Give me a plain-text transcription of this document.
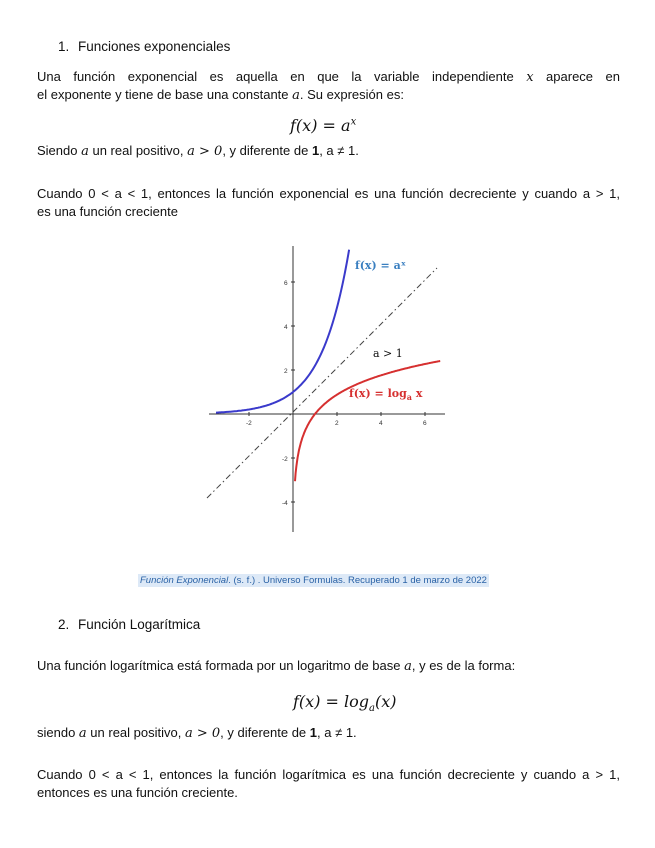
1. Funciones exponenciales
Una función exponencial es aquella en que la variable independiente x aparece en
el exponente y tiene de base una constante a. Su expresión es:
$f(x) = a^x$
Siendo a un real positivo, a > 0, y diferente de 1, a ≠ 1.
Cuando 0 < a < 1, entonces la función exponencial es una función decreciente y cuando a > 1,
es una función creciente
-2	2	4	6
6
4
2
-2
-4
f(x) = aˣ
a > 1
$f(x) = \log_a x$
Función Exponencial. (s. f.) . Universo Formulas. Recuperado 1 de marzo de 2022
2. Función Logarítmica
Una función logarítmica está formada por un logaritmo de base a, y es de la forma:
$f(x) = \log_a(x)$
siendo a un real positivo, a > 0, y diferente de 1, a ≠ 1.
Cuando 0 < a < 1, entonces la función logarítmica es una función decreciente y cuando a > 1,
entonces es una función creciente.
